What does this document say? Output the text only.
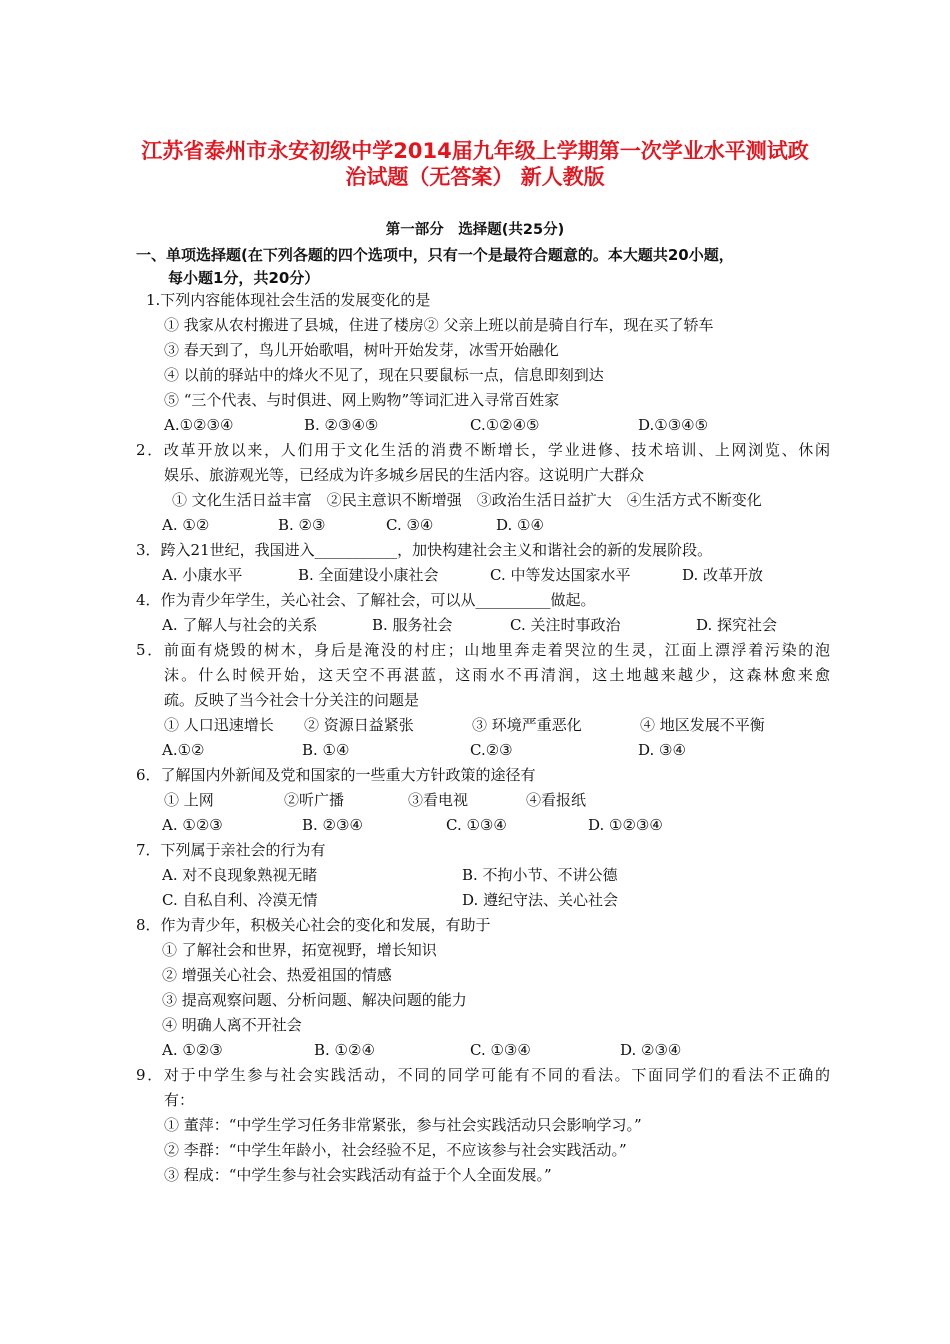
江苏省泰州市永安初级中学2014届九年级上学期第一次学业水平测试政
治试题（无答案） 新人教版
第一部分　选择题(共25分)
一、单项选择题(在下列各题的四个选项中，只有一个是最符合题意的。本大题共20小题，
每小题1分，共20分）
1.下列内容能体现社会生活的发展变化的是
① 我家从农村搬进了县城，住进了楼房② 父亲上班以前是骑自行车，现在买了轿车
③ 春天到了，鸟儿开始歌唱，树叶开始发芽，冰雪开始融化
④ 以前的驿站中的烽火不见了，现在只要鼠标一点，信息即刻到达
⑤ “三个代表、与时俱进、网上购物”等词汇进入寻常百姓家
A.①②③④	B. ②③④⑤	C.①②④⑤	D.①③④⑤
2．改革开放以来，人们用于文化生活的消费不断增长，学业进修、技术培训、上网浏览、休闲
娱乐、旅游观光等，已经成为许多城乡居民的生活内容。这说明广大群众
① 文化生活日益丰富　②民主意识不断增强　③政治生活日益扩大　④生活方式不断变化
A. ①②	B. ②③	C. ③④	D. ①④
3．跨入21世纪，我国进入___________，加快构建社会主义和谐社会的新的发展阶段。
A. 小康水平	B. 全面建设小康社会	C. 中等发达国家水平	D. 改革开放
4．作为青少年学生，关心社会、了解社会，可以从__________做起。
A. 了解人与社会的关系	B. 服务社会	C. 关注时事政治	D. 探究社会
5．前面有烧毁的树木，身后是淹没的村庄；山地里奔走着哭泣的生灵，江面上漂浮着污染的泡
沫。什么时候开始，这天空不再湛蓝，这雨水不再清润，这土地越来越少，这森林愈来愈
疏。反映了当今社会十分关注的问题是
① 人口迅速增长 ② 资源日益紧张	③ 环境严重恶化	④ 地区发展不平衡
A.①②	B. ①④	C.②③	D. ③④
6．了解国内外新闻及党和国家的一些重大方针政策的途径有
① 上网	②听广播	③看电视	④看报纸
A. ①②③	B. ②③④	C. ①③④	D. ①②③④
7．下列属于亲社会的行为有
A. 对不良现象熟视无睹	B. 不拘小节、不讲公德
C. 自私自利、冷漠无情	D. 遵纪守法、关心社会
8．作为青少年，积极关心社会的变化和发展，有助于
① 了解社会和世界，拓宽视野，增长知识
② 增强关心社会、热爱祖国的情感
③ 提高观察问题、分析问题、解决问题的能力
④ 明确人离不开社会
A. ①②③	B. ①②④	C. ①③④	D. ②③④
9．对于中学生参与社会实践活动，不同的同学可能有不同的看法。下面同学们的看法不正确的
有：
① 董萍：“中学生学习任务非常紧张，参与社会实践活动只会影响学习。”
② 李群：“中学生年龄小，社会经验不足，不应该参与社会实践活动。”
③ 程成：“中学生参与社会实践活动有益于个人全面发展。”
